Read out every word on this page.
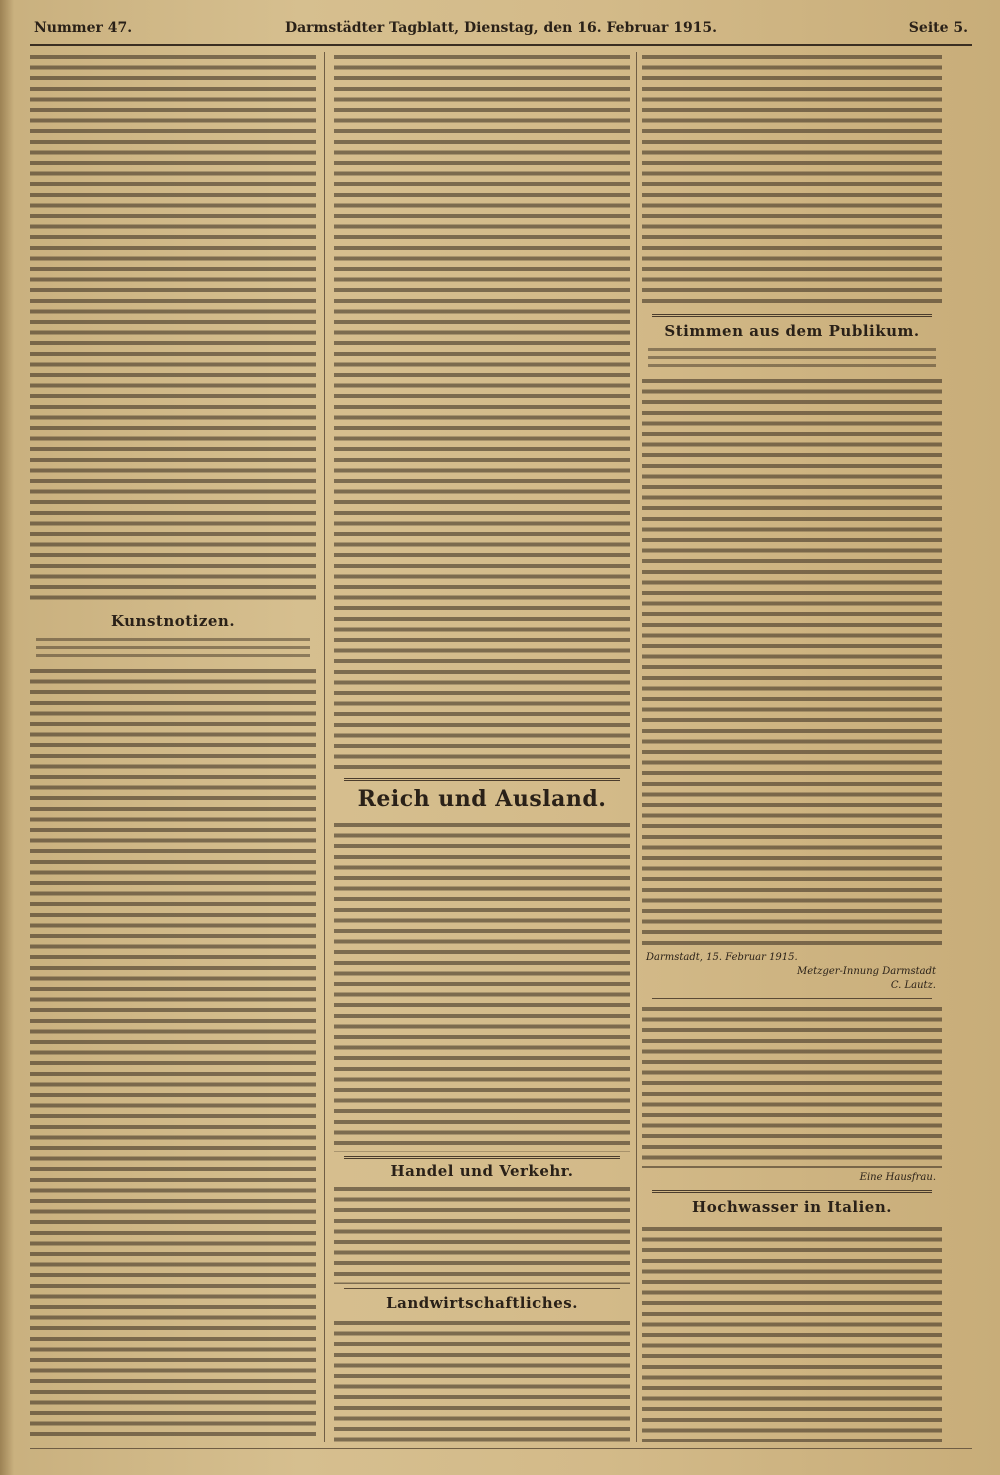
Nummer 47.	Darmstädter Tagblatt, Dienstag, den 16. Februar 1915.	Seite 5.
Kunstnotizen.
Reich und Ausland.
Handel und Verkehr.
Landwirtschaftliches.
Stimmen aus dem Publikum.
Darmstadt, 15. Februar 1915.
Metzger-Innung Darmstadt
C. Lautz.
Eine Hausfrau.
Hochwasser in Italien.
